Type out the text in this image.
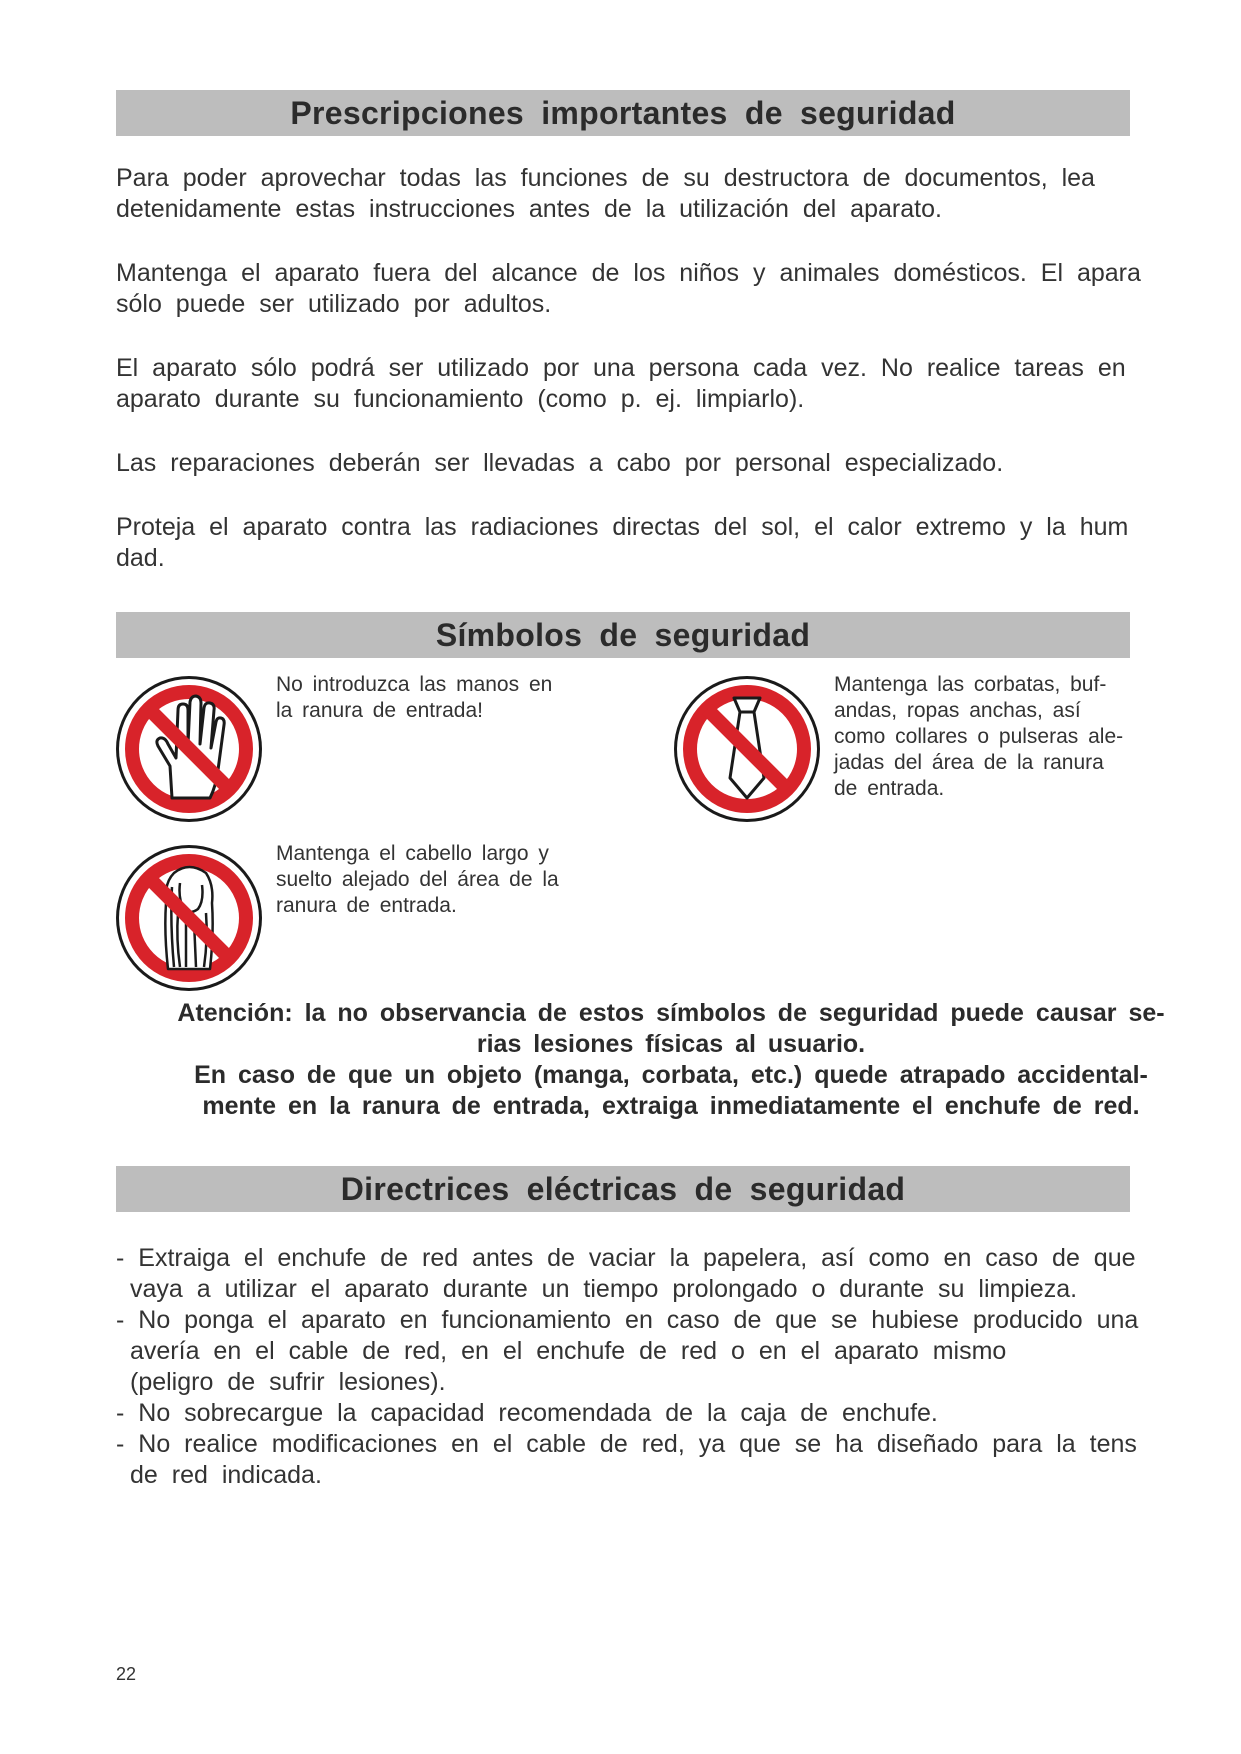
Prescripciones importantes de seguridad

Para poder aprovechar todas las funciones de su destructora de documentos, lea
detenidamente estas instrucciones antes de la utilización del aparato.

Mantenga el aparato fuera del alcance de los niños y animales domésticos. El apara
sólo puede ser utilizado por adultos.

El aparato sólo podrá ser utilizado por una persona cada vez. No realice tareas en
aparato durante su funcionamiento (como p. ej. limpiarlo).

Las reparaciones deberán ser llevadas a cabo por personal especializado.

Proteja el aparato contra las radiaciones directas del sol, el calor extremo y la hum
dad.

Símbolos de seguridad

No introduzca las manos en
la ranura de entrada!

Mantenga las corbatas, buf-
andas, ropas anchas, así
como collares o pulseras ale-
jadas del área de la ranura
de entrada.

Mantenga el cabello largo y
suelto alejado del área de la
ranura de entrada.

Atención: la no observancia de estos símbolos de seguridad puede causar se-
rias lesiones físicas al usuario.
En caso de que un objeto (manga, corbata, etc.) quede atrapado accidental-
mente en la ranura de entrada, extraiga inmediatamente el enchufe de red.

Directrices eléctricas de seguridad
- Extraiga el enchufe de red antes de vaciar la papelera, así como en caso de que
vaya a utilizar el aparato durante un tiempo prolongado o durante su limpieza.
- No ponga el aparato en funcionamiento en caso de que se hubiese producido una
avería en el cable de red, en el enchufe de red o en el aparato mismo
(peligro de sufrir lesiones).
- No sobrecargue la capacidad recomendada de la caja de enchufe.
- No realice modificaciones en el cable de red, ya que se ha diseñado para la tens
de red indicada.
22
